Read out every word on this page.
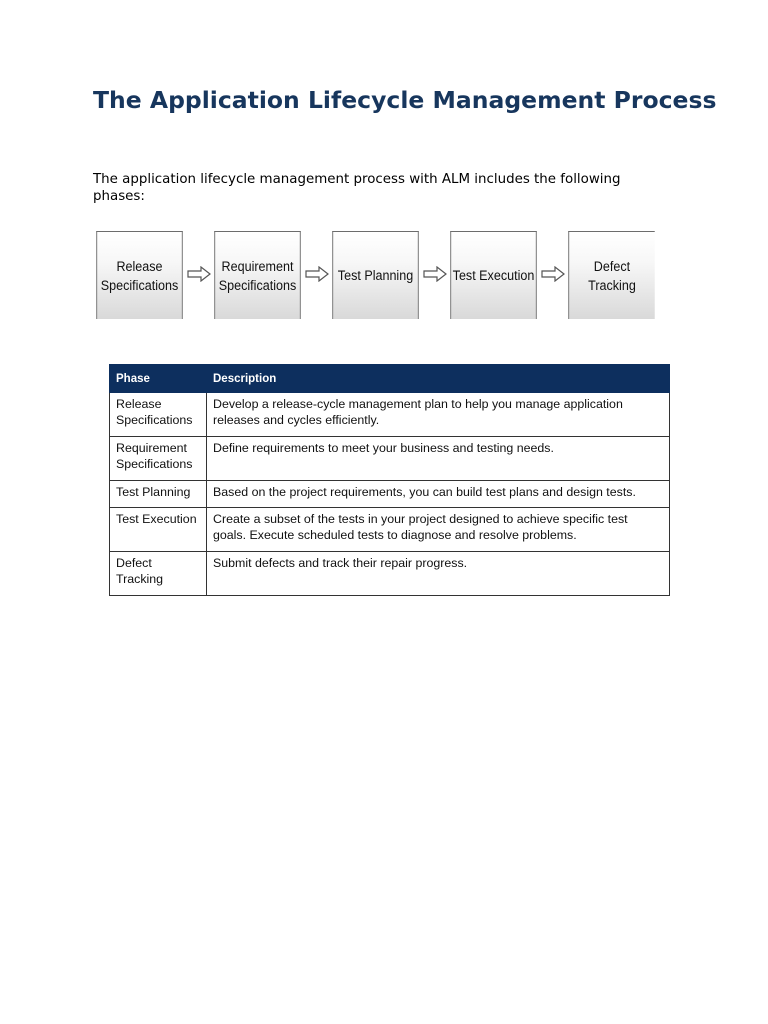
The Application Lifecycle Management Process

The application lifecycle management process with ALM includes the following phases:

Release
Specifications
Requirement
Specifications
Test Planning	Test Execution
Defect
Tracking
Phase	Description
Release Specifications	Develop a release-cycle management plan to help you manage application releases and cycles efficiently.
Requirement Specifications	Define requirements to meet your business and testing needs.
Test Planning	Based on the project requirements, you can build test plans and design tests.
Test Execution	Create a subset of the tests in your project designed to achieve specific test goals. Execute scheduled tests to diagnose and resolve problems.
Defect Tracking	Submit defects and track their repair progress.
